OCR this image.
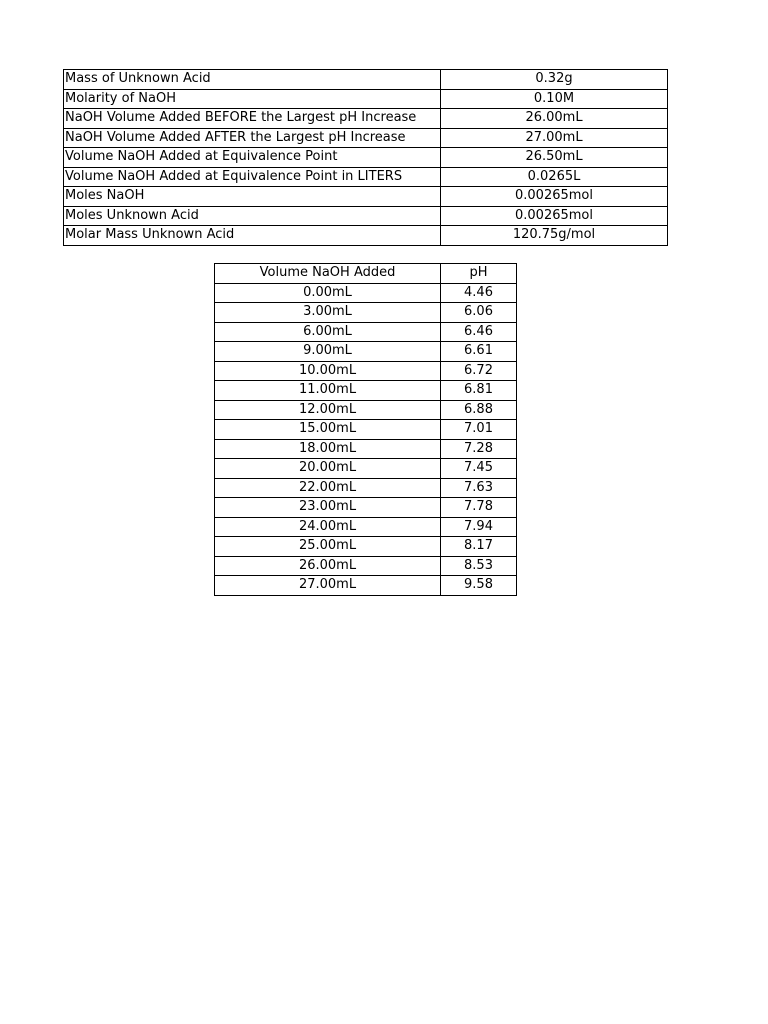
Mass of Unknown Acid	0.32g
Molarity of NaOH	0.10M
NaOH Volume Added BEFORE the Largest pH Increase	26.00mL
NaOH Volume Added AFTER the Largest pH Increase	27.00mL
Volume NaOH Added at Equivalence Point	26.50mL
Volume NaOH Added at Equivalence Point in LITERS	0.0265L
Moles NaOH	0.00265mol
Moles Unknown Acid	0.00265mol
Molar Mass Unknown Acid	120.75g/mol
Volume NaOH Added	pH
0.00mL	4.46
3.00mL	6.06
6.00mL	6.46
9.00mL	6.61
10.00mL	6.72
11.00mL	6.81
12.00mL	6.88
15.00mL	7.01
18.00mL	7.28
20.00mL	7.45
22.00mL	7.63
23.00mL	7.78
24.00mL	7.94
25.00mL	8.17
26.00mL	8.53
27.00mL	9.58
